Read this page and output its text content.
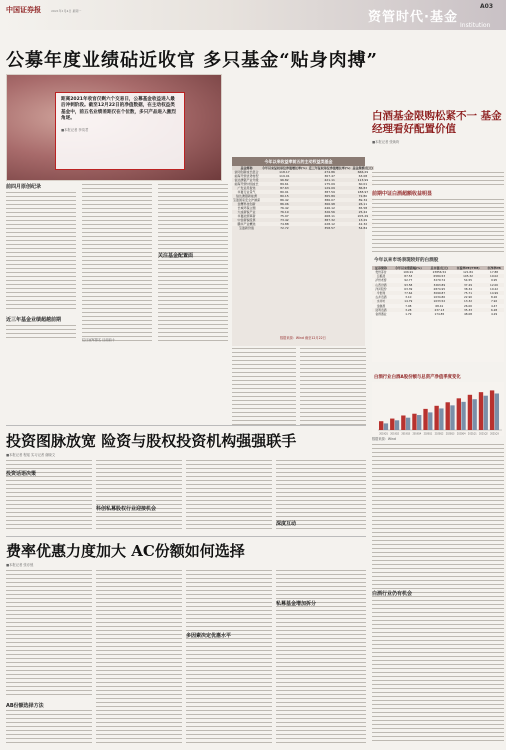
中国证券报	2021年1月4日 星期一	资管时代·基金
Institution
A03
公募年度业绩砧近收官 多只基金“贴身肉搏”
距离2021年收官仅剩六个交易日，公募基金收益进入最后冲刺阶段。截至12月22日的净值数据，在主动权益类基金中，前五名业绩差距仅在个位数，多只产品进入激烈角逐。
■本报记者 李岚君
前四月原创纪录
近三年基金业绩超越前期
往日冠军排名 目前前十
关注基金配置面
今年以来收益率前五的主动权益类基金
基金简称	今年以来复权单位净值增长率(%)	近三年复权单位净值增长率(%)	基金规模(亿元)
崇同创新成长混合	118.17	474.86	666.29
前海开源优势转型	119.01	367.47	63.08
信达澳银产业升级	96.82	421.11	113.99
前海开源中国成长	89.61	175.09	60.01
广发远见智选	87.63	129.09	86.83
华夏行业景气	80.91	387.59	188.97
信达澳银新能源	80.15	365.89	72.80
宝盈国家安全沪港深	86.42	386.07	89.34
金鹰科技创新	86.06	366.98	26.11
长城环保主题	76.42	446.12	65.58
大成新锐产业	76.19	326.56	25.44
华夏能源革新	75.97	468.11	205.29
中金新锐股票	73.42	387.32	13.29
鹏华产业精选	74.88	228.12	42.32
宝盈新价值	72.72	358.57	54.84
数据来源：Wind 截至12月22日
白酒基金限购松紧不一 基金经理看好配置价值
■本报记者 张焕昀
前期中证白酒超额收益明显
今年以来市场表现较好的白酒股
证券简称	今年以来涨跌幅(%)	总市值(亿元)	市盈率PE(TTM)	市净率PB
贵州茅台	106.91	23856.54	121.84	17.88
五粮液	87.53	6584.53	105.32	19.02
泸州老窖	92.77	3279.74	54.55	9.95
山西汾酒	93.58	3263.89	37.29	12.00
洋河股份	63.39	2874.95	38.34	19.22
今世缘	77.64	3099.87	75.71	14.99
古井贡酒	3.10	1034.80	22.90	8.26
水井坊	14.79	1033.52	13.32	7.92
金徽酒	7.08	68.41	26.00	4.47
迎驾贡酒	3.28	237.13	35.33	6.28
舍得酒业	1.79	174.85	48.08	4.29
白酒行业白酒A股份额与总资产净值季度变化
2019Q1 2019Q2 2019Q3 2019Q4 2020Q1 2020Q2 2020Q3 2020Q4 2021Q1 2021Q2 2021Q3
数据来源：Wind
白酒行业仍有机会
投资图脉放宽 险资与股权投资机构强强联手
■本报记者 程瑶 实习记者 谢晓文
投资话语决策
科创私募股权行业迎接机会
深度互动
费率优惠力度加大 AC份额如何选择
■本报记者 张亦弛
AB份额选择方法
多因素决定优惠水平
私募基金增加拆分
